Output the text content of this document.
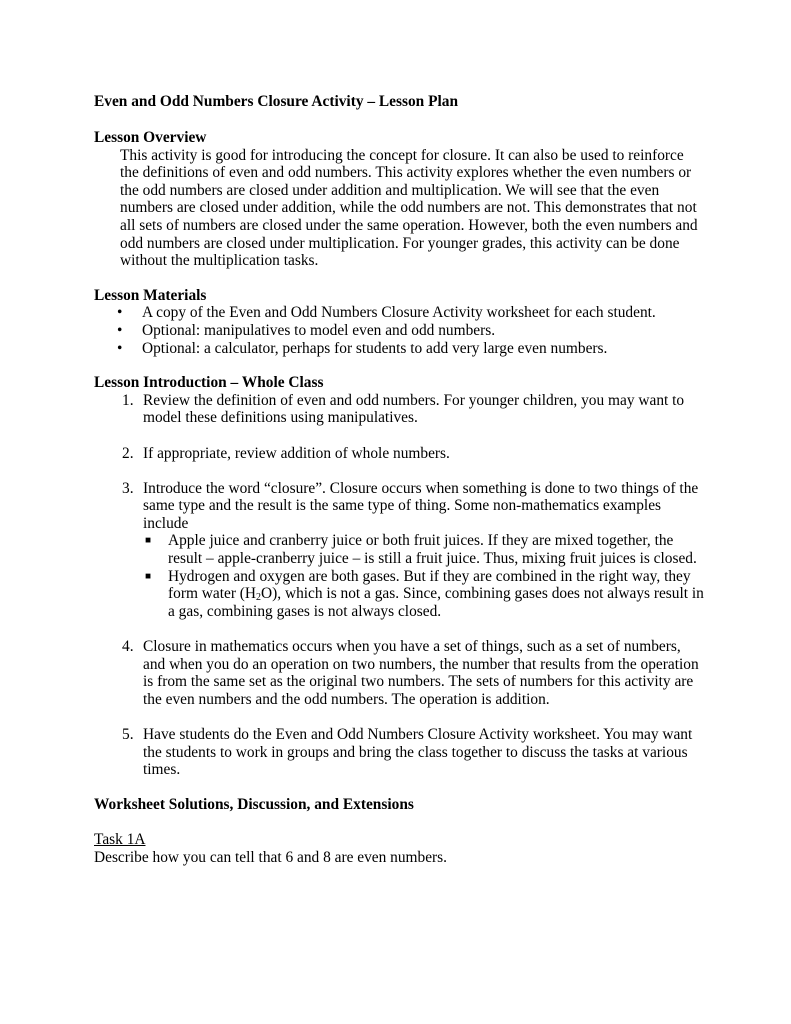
Even and Odd Numbers Closure Activity – Lesson Plan

Lesson Overview

This activity is good for introducing the concept for closure. It can also be used to reinforce the definitions of even and odd numbers. This activity explores whether the even numbers or the odd numbers are closed under addition and multiplication. We will see that the even numbers are closed under addition, while the odd numbers are not. This demonstrates that not all sets of numbers are closed under the same operation. However, both the even numbers and odd numbers are closed under multiplication. For younger grades, this activity can be done without the multiplication tasks.

Lesson Materials

• A copy of the Even and Odd Numbers Closure Activity worksheet for each student.
• Optional: manipulatives to model even and odd numbers.
• Optional: a calculator, perhaps for students to add very large even numbers.

Lesson Introduction – Whole Class

1. Review the definition of even and odd numbers. For younger children, you may want to model these definitions using manipulatives.
2. If appropriate, review addition of whole numbers.
3. Introduce the word “closure”. Closure occurs when something is done to two things of the same type and the result is the same type of thing. Some non-mathematics examples include
■ Apple juice and cranberry juice or both fruit juices. If they are mixed together, the result – apple-cranberry juice – is still a fruit juice. Thus, mixing fruit juices is closed.
■ Hydrogen and oxygen are both gases. But if they are combined in the right way, they form water $(H_2O)$, which is not a gas. Since, combining gases does not always result in a gas, combining gases is not always closed.
4. Closure in mathematics occurs when you have a set of things, such as a set of numbers, and when you do an operation on two numbers, the number that results from the operation is from the same set as the original two numbers. The sets of numbers for this activity are the even numbers and the odd numbers. The operation is addition.
5. Have students do the Even and Odd Numbers Closure Activity worksheet. You may want the students to work in groups and bring the class together to discuss the tasks at various times.

Worksheet Solutions, Discussion, and Extensions

Task 1A

Describe how you can tell that 6 and 8 are even numbers.
